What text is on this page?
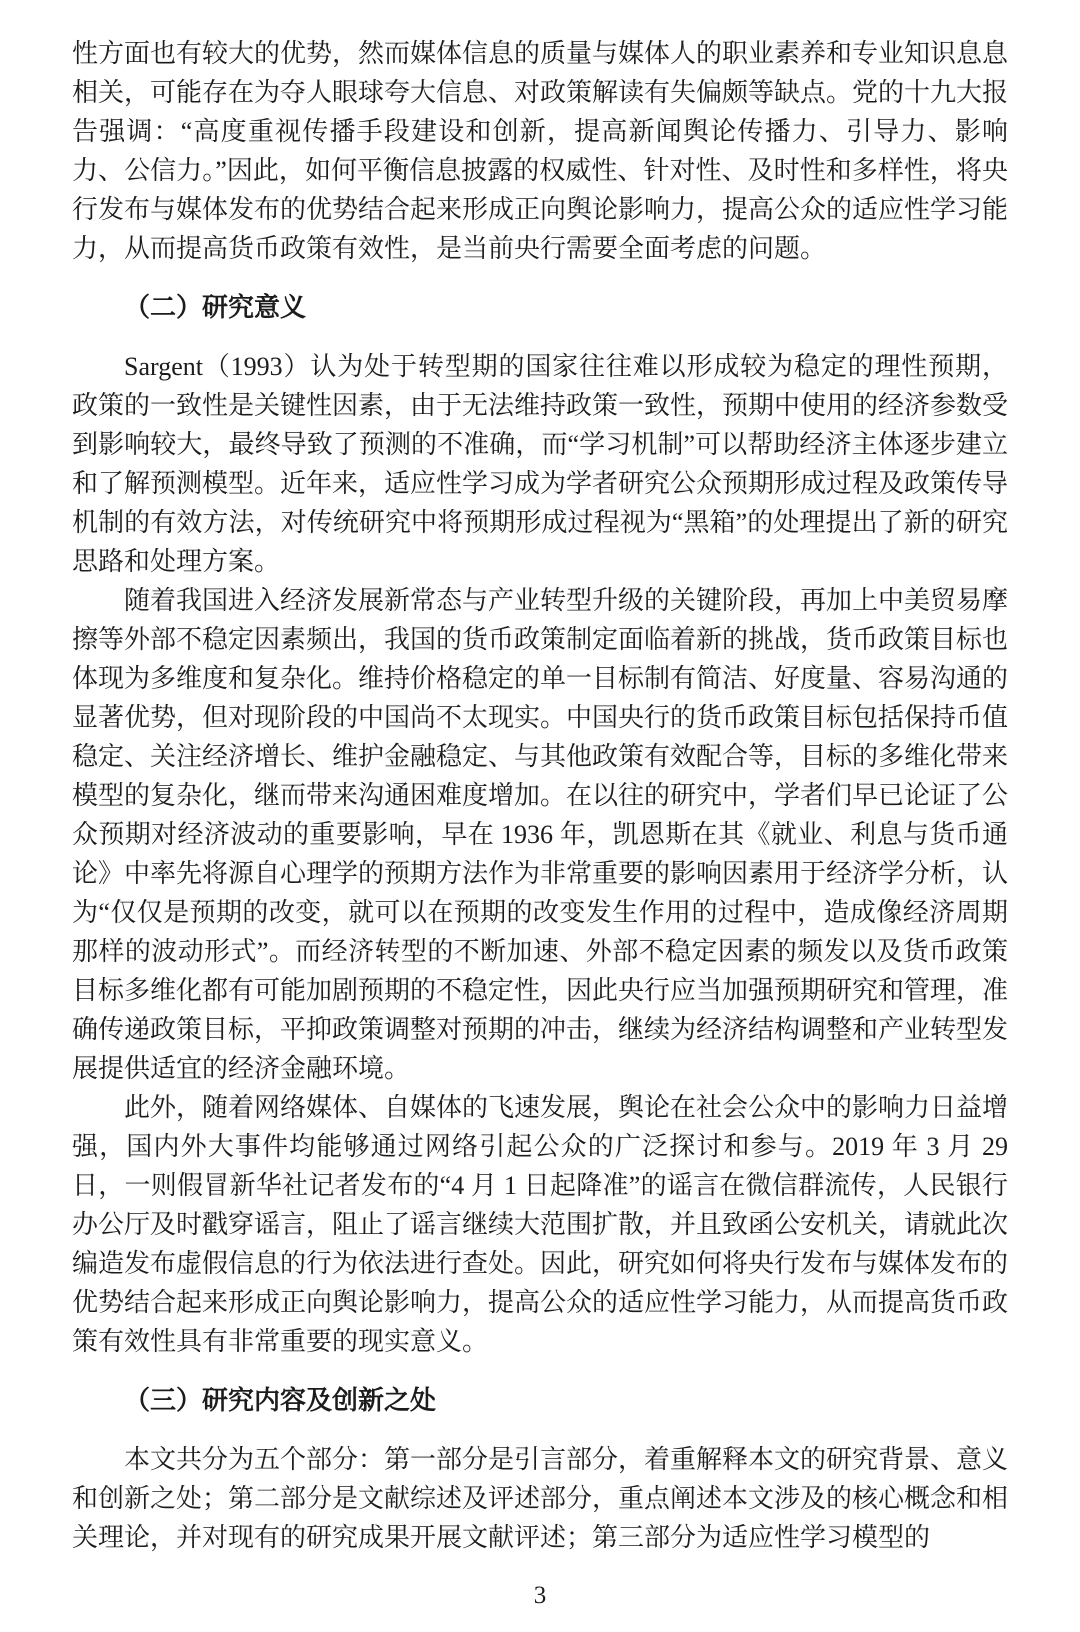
性方面也有较大的优势，然而媒体信息的质量与媒体人的职业素养和专业知识息息相关，可能存在为夺人眼球夸大信息、对政策解读有失偏颇等缺点。党的十九大报告强调：“高度重视传播手段建设和创新，提高新闻舆论传播力、引导力、影响力、公信力。”因此，如何平衡信息披露的权威性、针对性、及时性和多样性，将央行发布与媒体发布的优势结合起来形成正向舆论影响力，提高公众的适应性学习能力，从而提高货币政策有效性，是当前央行需要全面考虑的问题。

（二）研究意义

Sargent（1993）认为处于转型期的国家往往难以形成较为稳定的理性预期，政策的一致性是关键性因素，由于无法维持政策一致性，预期中使用的经济参数受到影响较大，最终导致了预测的不准确，而“学习机制”可以帮助经济主体逐步建立和了解预测模型。近年来，适应性学习成为学者研究公众预期形成过程及政策传导机制的有效方法，对传统研究中将预期形成过程视为“黑箱”的处理提出了新的研究思路和处理方案。

随着我国进入经济发展新常态与产业转型升级的关键阶段，再加上中美贸易摩擦等外部不稳定因素频出，我国的货币政策制定面临着新的挑战，货币政策目标也体现为多维度和复杂化。维持价格稳定的单一目标制有简洁、好度量、容易沟通的显著优势，但对现阶段的中国尚不太现实。中国央行的货币政策目标包括保持币值稳定、关注经济增长、维护金融稳定、与其他政策有效配合等，目标的多维化带来模型的复杂化，继而带来沟通困难度增加。在以往的研究中，学者们早已论证了公众预期对经济波动的重要影响，早在 1936 年，凯恩斯在其《就业、利息与货币通论》中率先将源自心理学的预期方法作为非常重要的影响因素用于经济学分析，认为“仅仅是预期的改变，就可以在预期的改变发生作用的过程中，造成像经济周期那样的波动形式”。而经济转型的不断加速、外部不稳定因素的频发以及货币政策目标多维化都有可能加剧预期的不稳定性，因此央行应当加强预期研究和管理，准确传递政策目标，平抑政策调整对预期的冲击，继续为经济结构调整和产业转型发展提供适宜的经济金融环境。

此外，随着网络媒体、自媒体的飞速发展，舆论在社会公众中的影响力日益增强，国内外大事件均能够通过网络引起公众的广泛探讨和参与。2019 年 3 月 29 日，一则假冒新华社记者发布的“4 月 1 日起降准”的谣言在微信群流传，人民银行办公厅及时戳穿谣言，阻止了谣言继续大范围扩散，并且致函公安机关，请就此次编造发布虚假信息的行为依法进行查处。因此，研究如何将央行发布与媒体发布的优势结合起来形成正向舆论影响力，提高公众的适应性学习能力，从而提高货币政策有效性具有非常重要的现实意义。

（三）研究内容及创新之处

本文共分为五个部分：第一部分是引言部分，着重解释本文的研究背景、意义和创新之处；第二部分是文献综述及评述部分，重点阐述本文涉及的核心概念和相关理论，并对现有的研究成果开展文献评述；第三部分为适应性学习模型的

3
